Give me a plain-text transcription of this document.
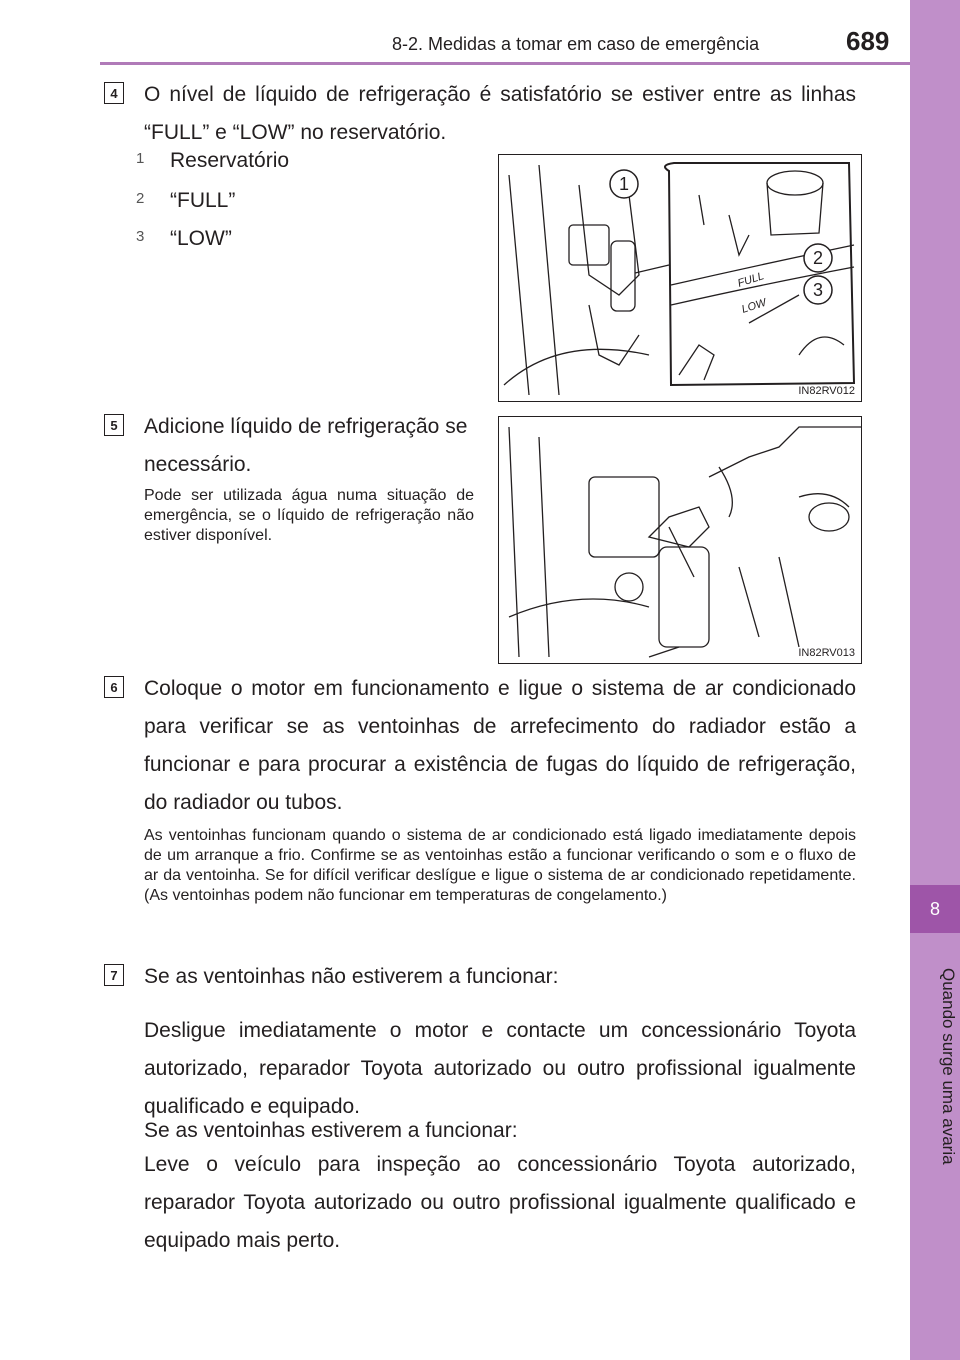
8-2. Medidas a tomar em caso de emergência	689
8
Quando surge uma avaria
4	O nível de líquido de refrigeração é satisfatório se estiver entre as linhas “FULL” e “LOW” no reservatório.
1 Reservatório
2 “FULL”
3 “LOW”
1
2
3
FULL
LOW
IN82RV012
5	Adicione líquido de refrigeração se necessário.
Pode ser utilizada água numa situação de emergência, se o líquido de refrigeração não estiver disponível.
IN82RV013
6	Coloque o motor em funcionamento e ligue o sistema de ar condicionado para verificar se as ventoinhas de arrefecimento do radiador estão a funcionar e para procurar a existência de fugas do líquido de refrigeração, do radiador ou tubos.
As ventoinhas funcionam quando o sistema de ar condicionado está ligado imediatamente depois de um arranque a frio. Confirme se as ventoinhas estão a funcionar verificando o som e o fluxo de ar da ventoinha. Se for difícil verificar deslígue e ligue o sistema de ar condicionado repetidamente. (As ventoinhas podem não funcionar em temperaturas de congelamento.)
7	Se as ventoinhas não estiverem a funcionar:
Desligue imediatamente o motor e contacte um concessionário Toyota autorizado, reparador Toyota autorizado ou outro profissional igualmente qualificado e equipado.
Se as ventoinhas estiverem a funcionar:
Leve o veículo para inspeção ao concessionário Toyota autorizado, reparador Toyota autorizado ou outro profissional igualmente qualificado e equipado mais perto.
